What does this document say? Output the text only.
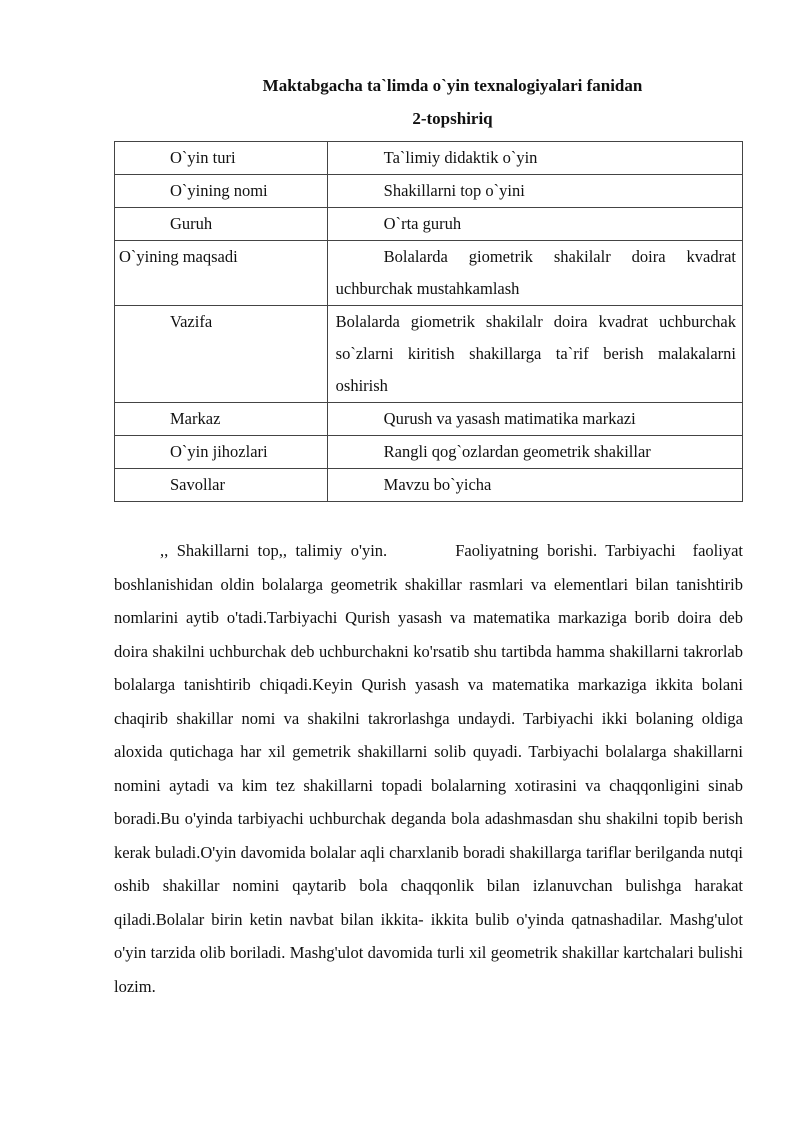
Maktabgacha ta`limda o`yin texnalogiyalari fanidan
2-topshiriq
O`yin turi	Ta`limiy didaktik o`yin
O`yining nomi	Shakillarni top o`yini
Guruh	O`rta guruh
O`yining maqsadi	Bolalarda giometrik shakilalr doira kvadrat uchburchak mustahkamlash

Vazifa	Bolalarda giometrik shakilalr doira kvadrat uchburchak so`zlarni kiritish shakillarga ta`rif berish malakalarni oshirish

Markaz	Qurush va yasash matimatika markazi
O`yin jihozlari	Rangli qog`ozlardan geometrik shakillar
Savollar	Mavzu bo`yicha

,, Shakillarni top,, talimiy o'yin.        Faoliyatning borishi. Tarbiyachi  faoliyat boshlanishidan oldin bolalarga geometrik shakillar rasmlari va elementlari bilan tanishtirib nomlarini aytib o'tadi.Tarbiyachi Qurish yasash va matematika markaziga borib doira deb doira shakilni uchburchak deb uchburchakni ko'rsatib shu tartibda hamma shakillarni takrorlab bolalarga tanishtirib chiqadi.Keyin Qurish yasash va matematika markaziga ikkita bolani chaqirib shakillar nomi va shakilni takrorlashga undaydi. Tarbiyachi ikki bolaning oldiga aloxida qutichaga har xil gemetrik shakillarni solib quyadi. Tarbiyachi bolalarga shakillarni nomini aytadi va kim tez shakillarni topadi bolalarning xotirasini va chaqqonligini sinab boradi.Bu o'yinda tarbiyachi uchburchak deganda bola adashmasdan shu shakilni topib berish kerak buladi.O'yin davomida bolalar aqli charxlanib boradi shakillarga tariflar berilganda nutqi oshib shakillar nomini qaytarib bola chaqqonlik bilan izlanuvchan bulishga harakat qiladi.Bolalar birin ketin navbat bilan ikkita- ikkita bulib o'yinda qatnashadilar. Mashg'ulot o'yin tarzida olib boriladi. Mashg'ulot davomida turli xil geometrik shakillar kartchalari bulishi  lozim.
